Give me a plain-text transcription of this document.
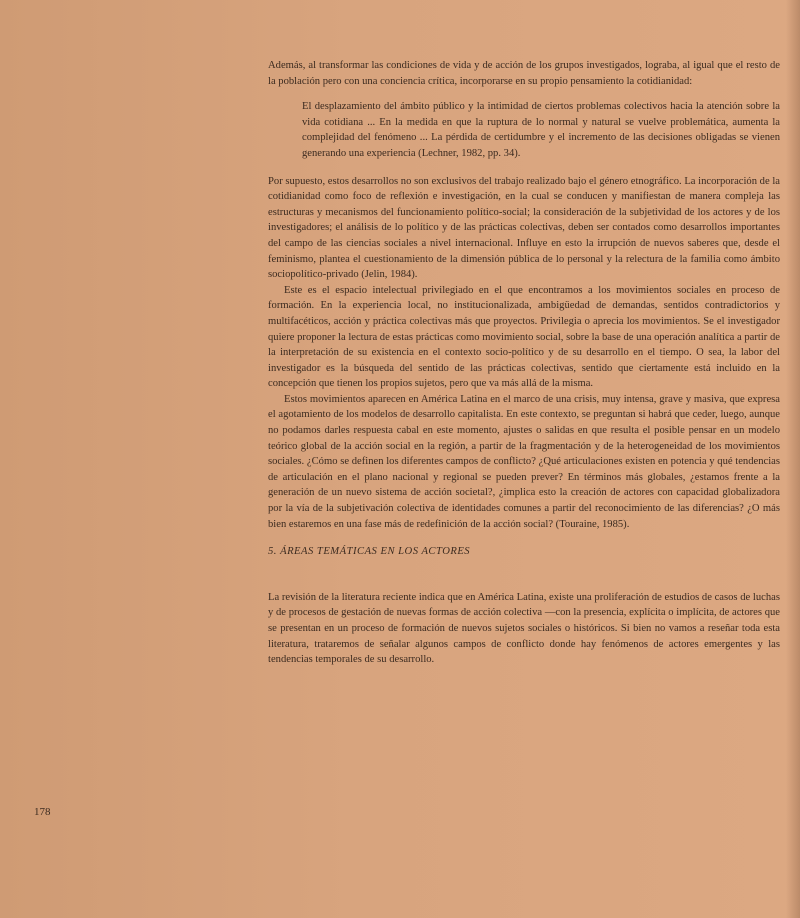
Además, al transformar las condiciones de vida y de acción de los grupos investigados, lograba, al igual que el resto de la población pero con una conciencia crítica, incorporarse en su propio pensamiento la cotidianidad:

El desplazamiento del ámbito público y la intimidad de ciertos problemas colectivos hacia la atención sobre la vida cotidiana ... En la medida en que la ruptura de lo normal y natural se vuelve problemática, aumenta la complejidad del fenómeno ... La pérdida de certidumbre y el incremento de las decisiones obligadas se vienen generando una experiencia (Lechner, 1982, pp. 34).

Por supuesto, estos desarrollos no son exclusivos del trabajo realizado bajo el género etnográfico. La incorporación de la cotidianidad como foco de reflexión e investigación, en la cual se conducen y manifiestan de manera compleja las estructuras y mecanismos del funcionamiento político-social; la consideración de la subjetividad de los actores y de los investigadores; el análisis de lo político y de las prácticas colectivas, deben ser contados como desarrollos importantes del campo de las ciencias sociales a nivel internacional. Influye en esto la irrupción de nuevos saberes que, desde el feminismo, plantea el cuestionamiento de la dimensión pública de lo personal y la relectura de la familia como ámbito sociopolítico-privado (Jelin, 1984).

Este es el espacio intelectual privilegiado en el que encontramos a los movimientos sociales en proceso de formación. En la experiencia local, no institucionalizada, ambigüedad de demandas, sentidos contradictorios y multifacéticos, acción y práctica colectivas más que proyectos. Privilegia o aprecia los movimientos. Se el investigador quiere proponer la lectura de estas prácticas como movimiento social, sobre la base de una operación analítica a partir de la interpretación de su existencia en el contexto socio-político y de su desarrollo en el tiempo. O sea, la labor del investigador es la búsqueda del sentido de las prácticas colectivas, sentido que ciertamente está incluido en la concepción que tienen los propios sujetos, pero que va más allá de la misma.

Estos movimientos aparecen en América Latina en el marco de una crisis, muy intensa, grave y masiva, que expresa el agotamiento de los modelos de desarrollo capitalista. En este contexto, se preguntan si habrá que ceder, luego, aunque no podamos darles respuesta cabal en este momento, ajustes o salidas en que resulta el posible pensar en un modelo teórico global de la acción social en la región, a partir de la fragmentación y de la heterogeneidad de los movimientos sociales. ¿Cómo se definen los diferentes campos de conflicto? ¿Qué articulaciones existen en potencia y qué tendencias de articulación en el plano nacional y regional se pueden prever? En términos más globales, ¿estamos frente a la generación de un nuevo sistema de acción societal?, ¿implica esto la creación de actores con capacidad globalizadora por la vía de la subjetivación colectiva de identidades comunes a partir del reconocimiento de las diferencias? ¿O más bien estaremos en una fase más de redefinición de la acción social? (Touraine, 1985).

5. ÁREAS TEMÁTICAS EN LOS ACTORES

La revisión de la literatura reciente indica que en América Latina, existe una proliferación de estudios de casos de luchas y de procesos de gestación de nuevas formas de acción colectiva —con la presencia, explícita o implícita, de actores que se presentan en un proceso de formación de nuevos sujetos sociales o históricos. Si bien no vamos a reseñar toda esta literatura, trataremos de señalar algunos campos de conflicto donde hay fenómenos de actores emergentes y las tendencias temporales de su desarrollo.

178
